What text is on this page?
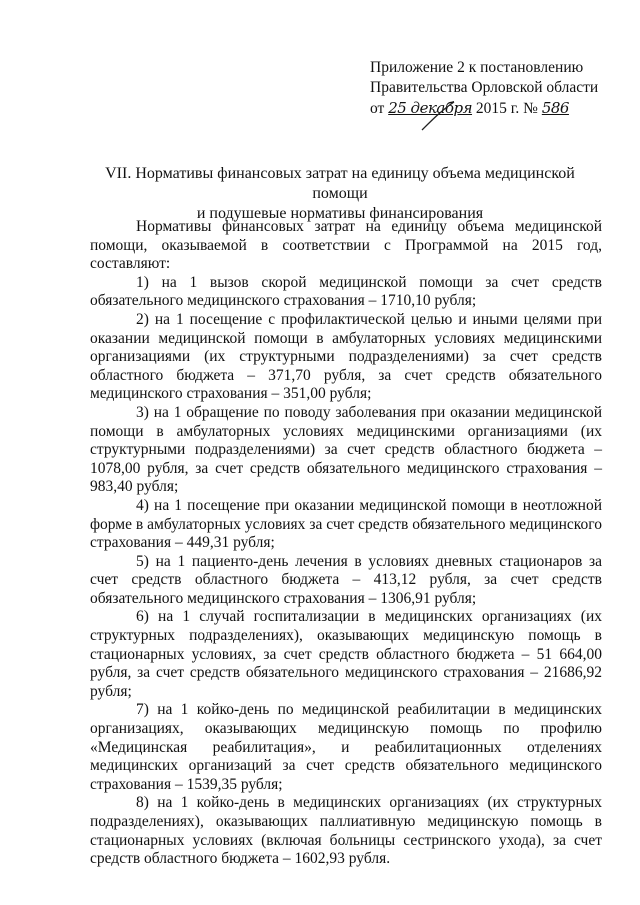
Приложение 2 к постановлению
Правительства Орловской области
от 25 декабря 2015 г. № 586
VII. Нормативы финансовых затрат на единицу объема медицинской помощи
и подушевые нормативы финансирования

Нормативы финансовых затрат на единицу объема медицинской помощи, оказываемой в соответствии с Программой на 2015 год, составляют:

1) на 1 вызов скорой медицинской помощи за счет средств обязательного медицинского страхования – 1710,10 рубля;

2) на 1 посещение с профилактической целью и иными целями при оказании медицинской помощи в амбулаторных условиях медицинскими организациями (их структурными подразделениями) за счет средств областного бюджета – 371,70 рубля, за счет средств обязательного медицинского страхования – 351,00 рубля;

3) на 1 обращение по поводу заболевания при оказании медицинской помощи в амбулаторных условиях медицинскими организациями (их структурными подразделениями) за счет средств областного бюджета – 1078,00 рубля, за счет средств обязательного медицинского страхования – 983,40 рубля;

4) на 1 посещение при оказании медицинской помощи в неотложной форме в амбулаторных условиях за счет средств обязательного медицинского страхования – 449,31 рубля;

5) на 1 пациенто-день лечения в условиях дневных стационаров за счет средств областного бюджета – 413,12 рубля, за счет средств обязательного медицинского страхования – 1306,91 рубля;

6) на 1 случай госпитализации в медицинских организациях (их структурных подразделениях), оказывающих медицинскую помощь в стационарных условиях, за счет средств областного бюджета – 51 664,00 рубля, за счет средств обязательного медицинского страхования – 21686,92 рубля;

7) на 1 койко-день по медицинской реабилитации в медицинских организациях, оказывающих медицинскую помощь по профилю «Медицинская реабилитация», и реабилитационных отделениях медицинских организаций за счет средств обязательного медицинского страхования – 1539,35 рубля;

8) на 1 койко-день в медицинских организациях (их структурных подразделениях), оказывающих паллиативную медицинскую помощь в стационарных условиях (включая больницы сестринского ухода), за счет средств областного бюджета – 1602,93 рубля.
